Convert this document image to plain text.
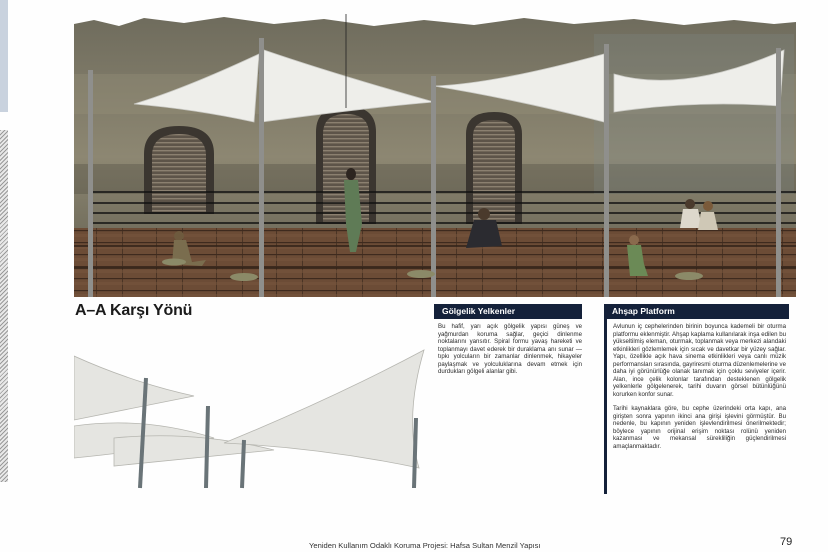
A–A Karşı Yönü	Gölgelik Yelkenler

Bu hafif, yarı açık gölgelik yapısı güneş ve yağmurdan koruma sağlar, geçici dinlenme noktalarını yansıtır. Spiral formu yavaş hareketi ve toplanmayı davet ederek bir duraklama anı sunar — tıpkı yolcuların bir zamanlar dinlenmek, hikayeler paylaşmak ve yolculuklarına devam etmek için durdukları gölgeli alanlar gibi.

Ahşap Platform

Avlunun iç cephelerinden birinin boyunca kademeli bir oturma platformu eklenmiştir. Ahşap kaplama kullanılarak inşa edilen bu yükseltilmiş eleman, oturmak, toplanmak veya merkezi alandaki etkinlikleri gözlemlemek için sıcak ve davetkar bir yüzey sağlar. Yapı, özellikle açık hava sinema etkinlikleri veya canlı müzik performansları sırasında, gayriresmi oturma düzenlemelerine ve daha iyi görünürlüğe olanak tanımak için çoklu seviyeler içerir. Alan, ince çelik kolonlar tarafından desteklenen gölgelik yelkenlerle gölgelenerek, tarihi duvarın görsel bütünlüğünü korurken konfor sunar.

Tarihi kaynaklara göre, bu cephe üzerindeki orta kapı, ana girişten sonra yapının ikinci ana girişi işlevini görmüştür. Bu nedenle, bu kapının yeniden işlevlendirilmesi önerilmektedir; böylece yapının orijinal erişim noktası rolünü yeniden kazanması ve mekansal sürekliliğin güçlendirilmesi amaçlanmaktadır.

Yeniden Kullanım Odaklı Koruma Projesi: Hafsa Sultan Menzil Yapısı	79
